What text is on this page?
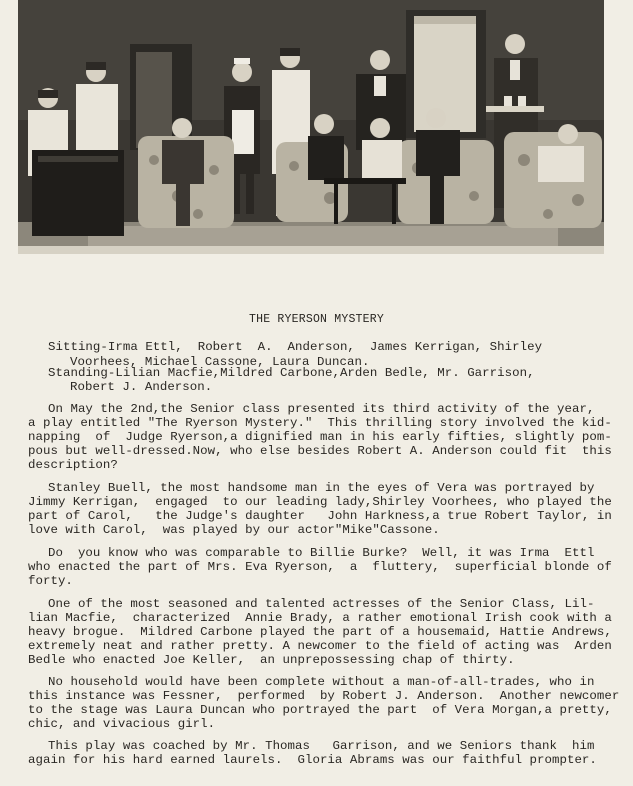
THE RYERSON MYSTERY
Sitting-Irma Ettl,  Robert  A.  Anderson,  James Kerrigan, Shirley
Voorhees, Michael Cassone, Laura Duncan.
Standing-Lilian Macfie,Mildred Carbone,Arden Bedle, Mr. Garrison,
Robert J. Anderson.
On May the 2nd,the Senior class presented its third activity of the year,
a play entitled "The Ryerson Mystery."  This thrilling story involved the kid-
napping  of  Judge Ryerson,a dignified man in his early fifties, slightly pom-
pous but well-dressed.Now, who else besides Robert A. Anderson could fit  this
description?
Stanley Buell, the most handsome man in the eyes of Vera was portrayed by
Jimmy Kerrigan,  engaged  to our leading lady,Shirley Voorhees, who played the
part of Carol,   the Judge's daughter   John Harkness,a true Robert Taylor, in
love with Carol,  was played by our actor"Mike"Cassone.
Do  you know who was comparable to Billie Burke?  Well, it was Irma  Ettl
who enacted the part of Mrs. Eva Ryerson,  a  fluttery,  superficial blonde of
forty.
One of the most seasoned and talented actresses of the Senior Class, Lil-
lian Macfie,  characterized  Annie Brady, a rather emotional Irish cook with a
heavy brogue.  Mildred Carbone played the part of a housemaid, Hattie Andrews,
extremely neat and rather pretty. A newcomer to the field of acting was  Arden
Bedle who enacted Joe Keller,  an unprepossessing chap of thirty.
No household would have been complete without a man-of-all-trades, who in
this instance was Fessner,  performed  by Robert J. Anderson.  Another newcomer
to the stage was Laura Duncan who portrayed the part  of Vera Morgan,a pretty,
chic, and vivacious girl.
This play was coached by Mr. Thomas   Garrison, and we Seniors thank  him
again for his hard earned laurels.  Gloria Abrams was our faithful prompter.
